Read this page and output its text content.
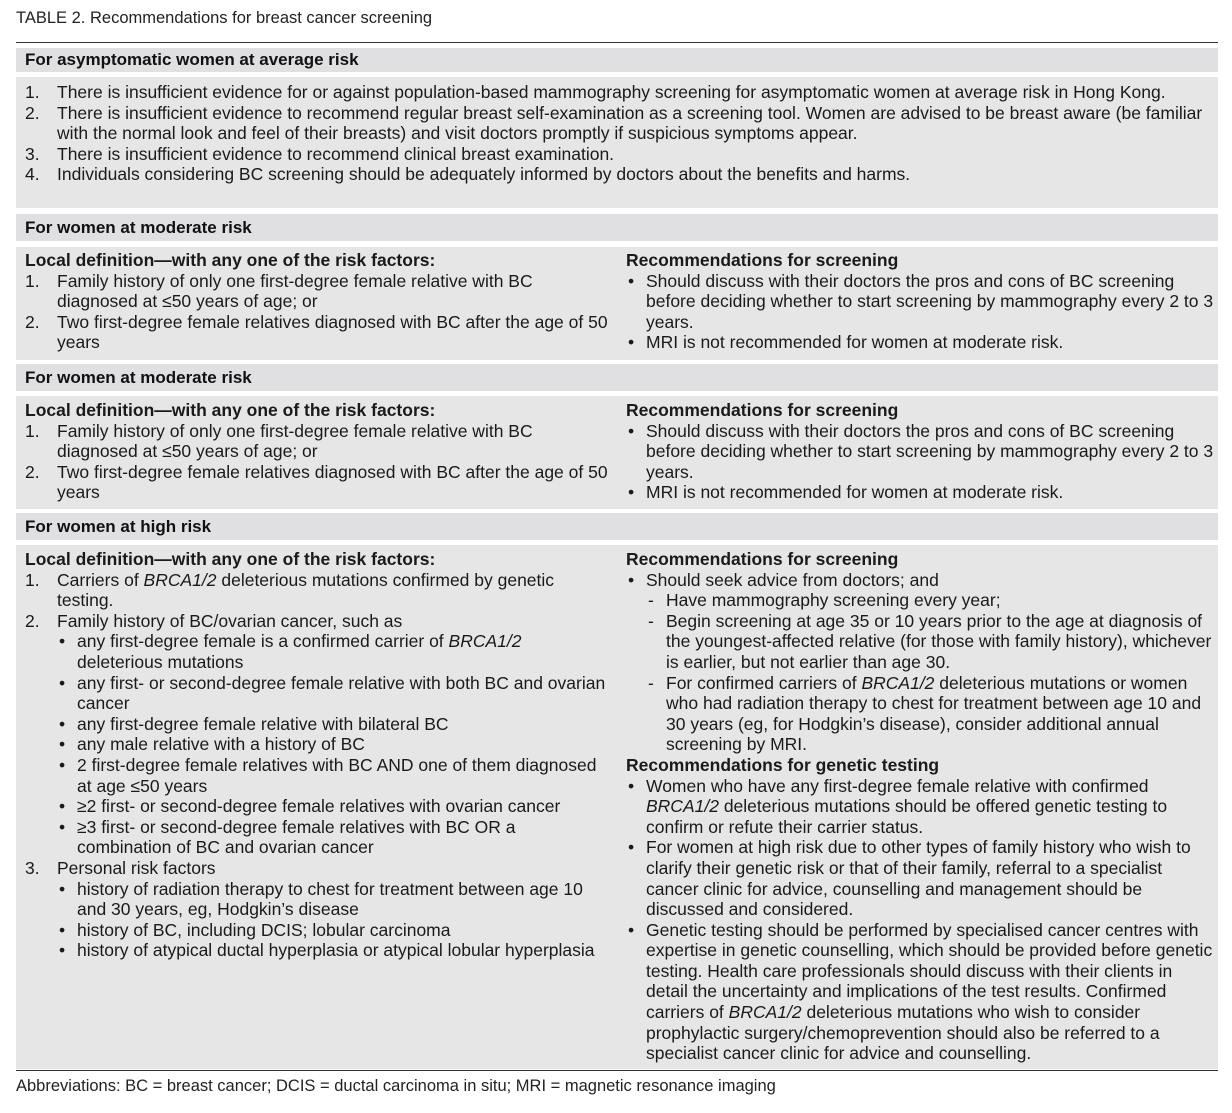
TABLE 2. Recommendations for breast cancer screening
For asymptomatic women at average risk
1. There is insufficient evidence for or against population-based mammography screening for asymptomatic women at average risk in Hong Kong.
2. There is insufficient evidence to recommend regular breast self-examination as a screening tool. Women are advised to be breast aware (be familiar with the normal look and feel of their breasts) and visit doctors promptly if suspicious symptoms appear.
3. There is insufficient evidence to recommend clinical breast examination.
4. Individuals considering BC screening should be adequately informed by doctors about the benefits and harms.
For women at moderate risk
Local definition—with any one of the risk factors:
1. Family history of only one first-degree female relative with BC diagnosed at ≤50 years of age; or
2. Two first-degree female relatives diagnosed with BC after the age of 50 years
Recommendations for screening
• Should discuss with their doctors the pros and cons of BC screening before deciding whether to start screening by mammography every 2 to 3 years.
• MRI is not recommended for women at moderate risk.
For women at moderate risk
Local definition—with any one of the risk factors:
1. Family history of only one first-degree female relative with BC diagnosed at ≤50 years of age; or
2. Two first-degree female relatives diagnosed with BC after the age of 50 years
Recommendations for screening
• Should discuss with their doctors the pros and cons of BC screening before deciding whether to start screening by mammography every 2 to 3 years.
• MRI is not recommended for women at moderate risk.
For women at high risk
Local definition—with any one of the risk factors:
1. Carriers of BRCA1/2 deleterious mutations confirmed by genetic testing.
2. Family history of BC/ovarian cancer, such as
• any first-degree female is a confirmed carrier of BRCA1/2 deleterious mutations
• any first- or second-degree female relative with both BC and ovarian cancer
• any first-degree female relative with bilateral BC
• any male relative with a history of BC
• 2 first-degree female relatives with BC AND one of them diagnosed at age ≤50 years
• ≥2 first- or second-degree female relatives with ovarian cancer
• ≥3 first- or second-degree female relatives with BC OR a combination of BC and ovarian cancer
3. Personal risk factors
• history of radiation therapy to chest for treatment between age 10 and 30 years, eg, Hodgkin’s disease
• history of BC, including DCIS; lobular carcinoma
• history of atypical ductal hyperplasia or atypical lobular hyperplasia
Recommendations for screening
• Should seek advice from doctors; and
- Have mammography screening every year;
- Begin screening at age 35 or 10 years prior to the age at diagnosis of the youngest-affected relative (for those with family history), whichever is earlier, but not earlier than age 30.
- For confirmed carriers of BRCA1/2 deleterious mutations or women who had radiation therapy to chest for treatment between age 10 and 30 years (eg, for Hodgkin’s disease), consider additional annual screening by MRI.
Recommendations for genetic testing
• Women who have any first-degree female relative with confirmed BRCA1/2 deleterious mutations should be offered genetic testing to confirm or refute their carrier status.
• For women at high risk due to other types of family history who wish to clarify their genetic risk or that of their family, referral to a specialist cancer clinic for advice, counselling and management should be discussed and considered.
• Genetic testing should be performed by specialised cancer centres with expertise in genetic counselling, which should be provided before genetic testing. Health care professionals should discuss with their clients in detail the uncertainty and implications of the test results. Confirmed carriers of BRCA1/2 deleterious mutations who wish to consider prophylactic surgery/chemoprevention should also be referred to a specialist cancer clinic for advice and counselling.
Abbreviations: BC = breast cancer; DCIS = ductal carcinoma in situ; MRI = magnetic resonance imaging
